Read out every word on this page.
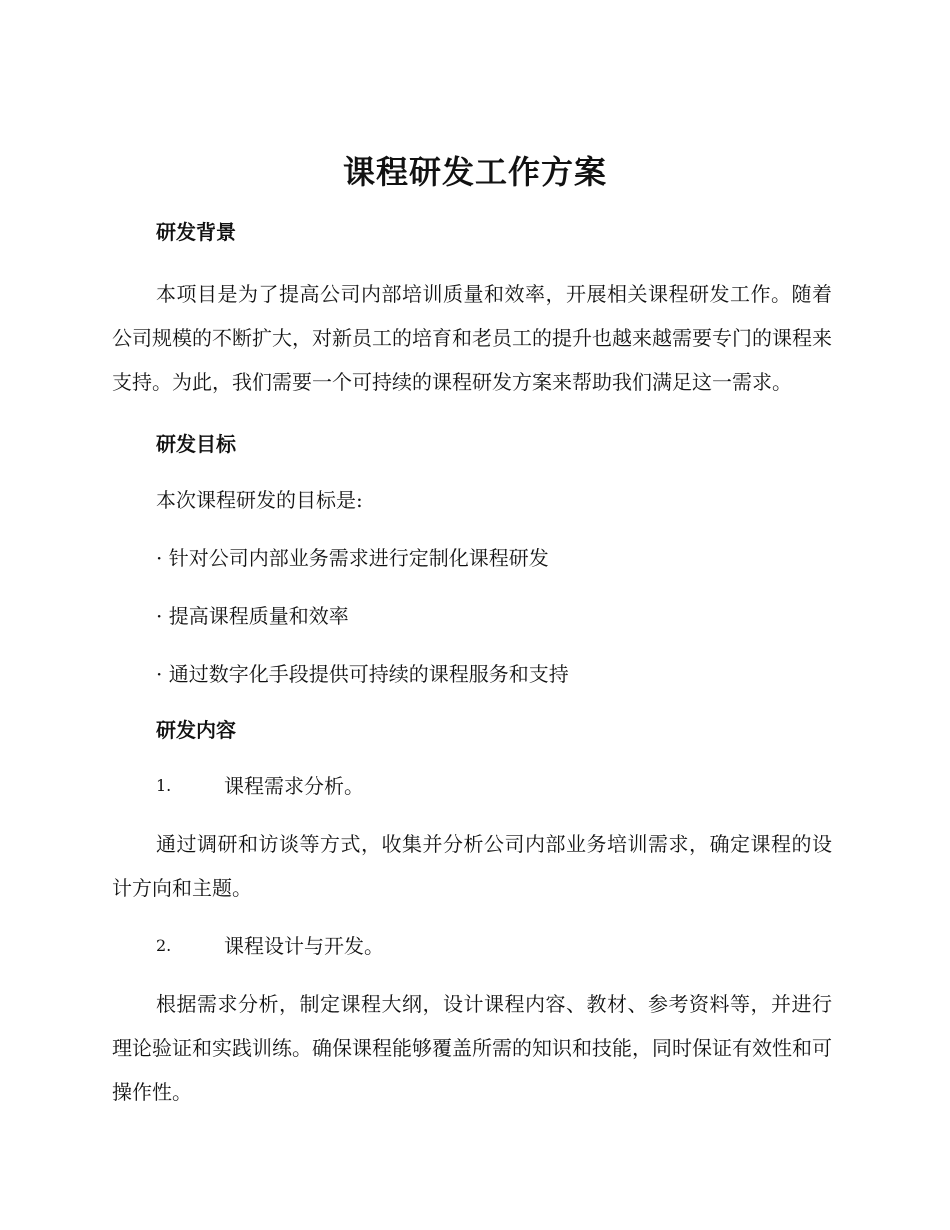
课程研发工作方案

研发背景

本项目是为了提高公司内部培训质量和效率，开展相关课程研发工作。随着公司规模的不断扩大，对新员工的培育和老员工的提升也越来越需要专门的课程来支持。为此，我们需要一个可持续的课程研发方案来帮助我们满足这一需求。

研发目标

本次课程研发的目标是:

· 针对公司内部业务需求进行定制化课程研发

· 提高课程质量和效率

· 通过数字化手段提供可持续的课程服务和支持

研发内容

1.	课程需求分析。

通过调研和访谈等方式，收集并分析公司内部业务培训需求，确定课程的设计方向和主题。

2.	课程设计与开发。

根据需求分析，制定课程大纲，设计课程内容、教材、参考资料等，并进行理论验证和实践训练。确保课程能够覆盖所需的知识和技能，同时保证有效性和可操作性。
